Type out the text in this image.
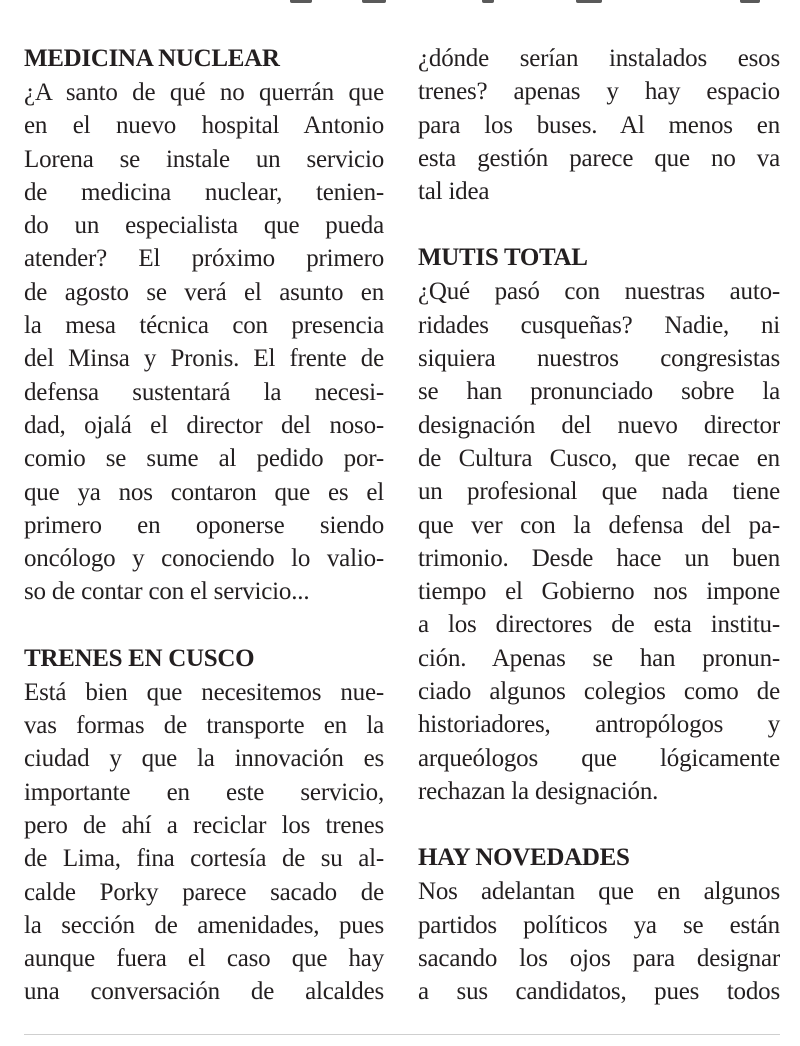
MEDICINA NUCLEAR
¿A santo de qué no querrán que
en el nuevo hospital Antonio
Lorena se instale un servicio
de medicina nuclear, tenien-
do un especialista que pueda
atender? El próximo primero
de agosto se verá el asunto en
la mesa técnica con presencia
del Minsa y Pronis. El frente de
defensa sustentará la necesi-
dad, ojalá el director del noso-
comio se sume al pedido por-
que ya nos contaron que es el
primero en oponerse siendo
oncólogo y conociendo lo valio-
so de contar con el servicio...
TRENES EN CUSCO
Está bien que necesitemos nue-
vas formas de transporte en la
ciudad y que la innovación es
importante en este servicio,
pero de ahí a reciclar los trenes
de Lima, fina cortesía de su al-
calde Porky parece sacado de
la sección de amenidades, pues
aunque fuera el caso que hay
una conversación de alcaldes
¿dónde serían instalados esos
trenes? apenas y hay espacio
para los buses. Al menos en
esta gestión parece que no va
tal idea
MUTIS TOTAL
¿Qué pasó con nuestras auto-
ridades cusqueñas? Nadie, ni
siquiera nuestros congresistas
se han pronunciado sobre la
designación del nuevo director
de Cultura Cusco, que recae en
un profesional que nada tiene
que ver con la defensa del pa-
trimonio. Desde hace un buen
tiempo el Gobierno nos impone
a los directores de esta institu-
ción. Apenas se han pronun-
ciado algunos colegios como de
historiadores, antropólogos y
arqueólogos que lógicamente
rechazan la designación.
HAY NOVEDADES
Nos adelantan que en algunos
partidos políticos ya se están
sacando los ojos para designar
a sus candidatos, pues todos
